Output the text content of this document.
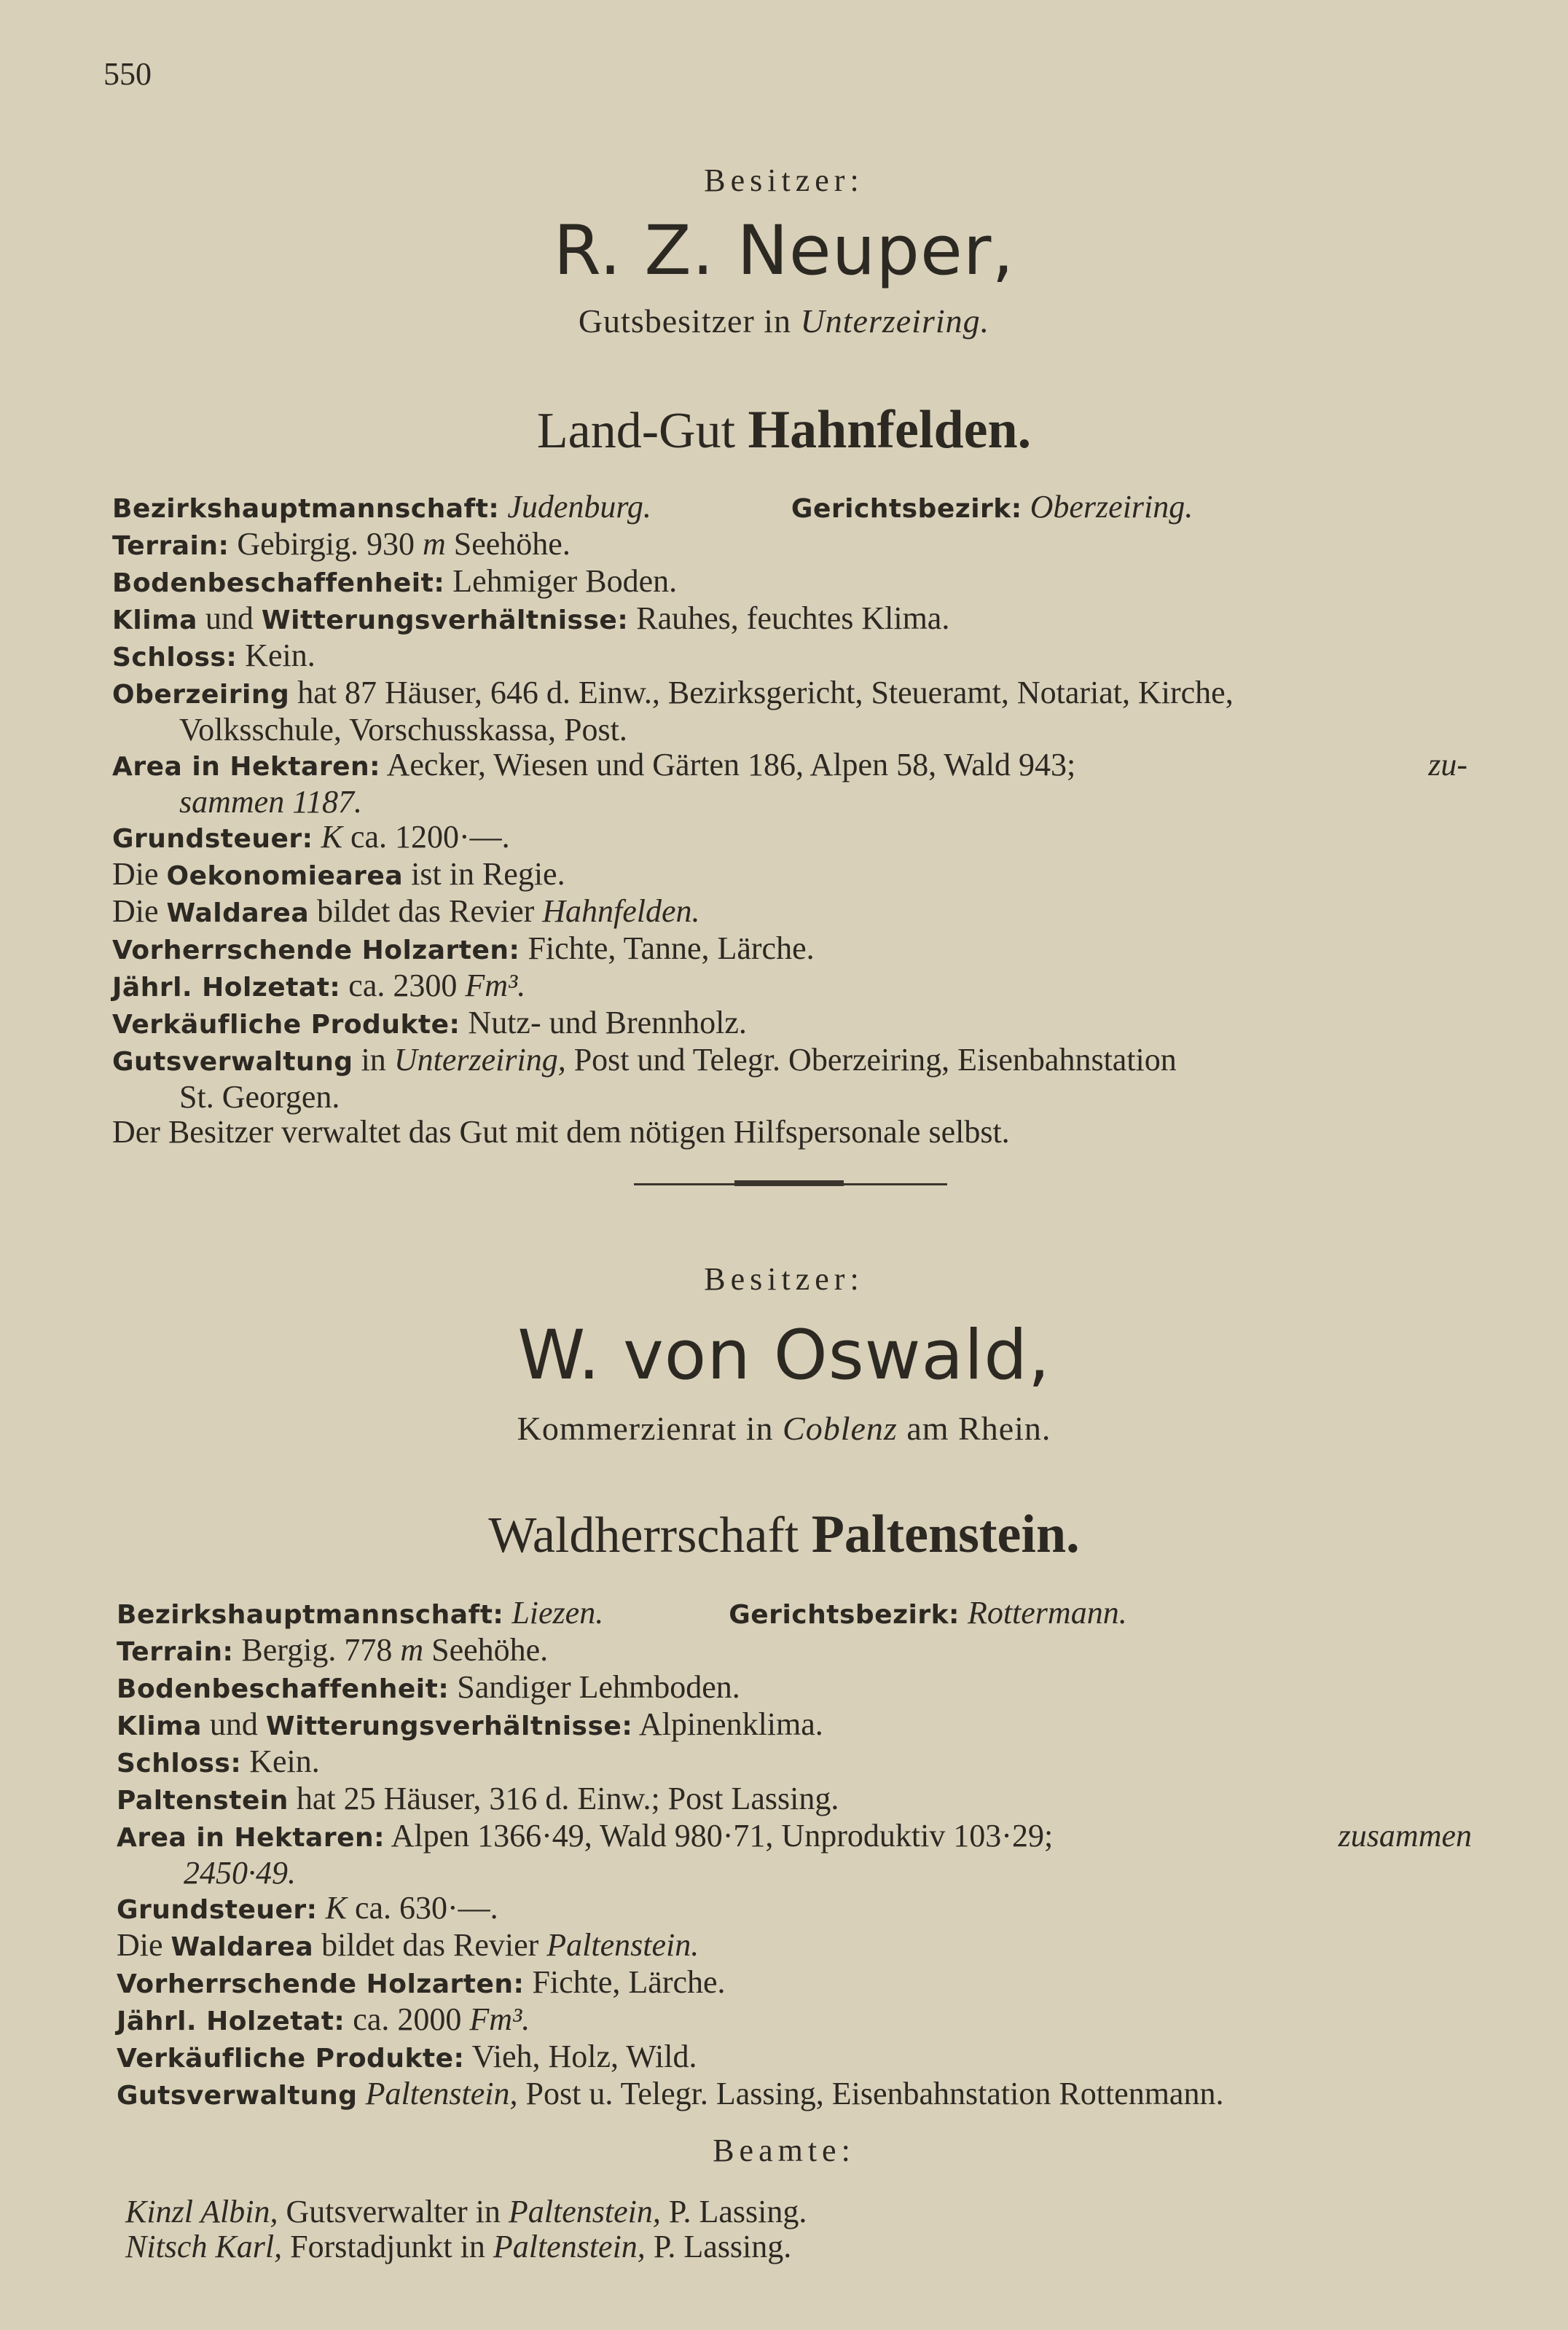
550
Besitzer:
R. Z. Neuper,
Gutsbesitzer in Unterzeiring.
Land-Gut Hahnfelden.
Bezirkshauptmannschaft: Judenburg.	Gerichtsbezirk: Oberzeiring.
Terrain: Gebirgig. 930 m Seehöhe.
Bodenbeschaffenheit: Lehmiger Boden.
Klima und Witterungsverhältnisse: Rauhes, feuchtes Klima.
Schloss: Kein.
Oberzeiring hat 87 Häuser, 646 d. Einw., Bezirksgericht, Steueramt, Notariat, Kirche,
Volksschule, Vorschusskassa, Post.
Area in Hektaren: Aecker, Wiesen und Gärten 186, Alpen 58, Wald 943;	zu-
sammen 1187.
Grundsteuer: K ca. 1200·—.
Die Oekonomiearea ist in Regie.
Die Waldarea bildet das Revier Hahnfelden.
Vorherrschende Holzarten: Fichte, Tanne, Lärche.
Jährl. Holzetat: ca. 2300 Fm³.
Verkäufliche Produkte: Nutz- und Brennholz.
Gutsverwaltung in Unterzeiring, Post und Telegr. Oberzeiring, Eisenbahnstation
St. Georgen.
Der Besitzer verwaltet das Gut mit dem nötigen Hilfspersonale selbst.
Besitzer:
W. von Oswald,
Kommerzienrat in Coblenz am Rhein.
Waldherrschaft Paltenstein.
Bezirkshauptmannschaft: Liezen.	Gerichtsbezirk: Rottermann.
Terrain: Bergig. 778 m Seehöhe.
Bodenbeschaffenheit: Sandiger Lehmboden.
Klima und Witterungsverhältnisse: Alpinenklima.
Schloss: Kein.
Paltenstein hat 25 Häuser, 316 d. Einw.; Post Lassing.
Area in Hektaren: Alpen 1366·49, Wald 980·71, Unproduktiv 103·29;	zusammen
2450·49.
Grundsteuer: K ca. 630·—.
Die Waldarea bildet das Revier Paltenstein.
Vorherrschende Holzarten: Fichte, Lärche.
Jährl. Holzetat: ca. 2000 Fm³.
Verkäufliche Produkte: Vieh, Holz, Wild.
Gutsverwaltung Paltenstein, Post u. Telegr. Lassing, Eisenbahnstation Rottenmann.
Beamte:
Kinzl Albin, Gutsverwalter in Paltenstein, P. Lassing.
Nitsch Karl, Forstadjunkt in Paltenstein, P. Lassing.
